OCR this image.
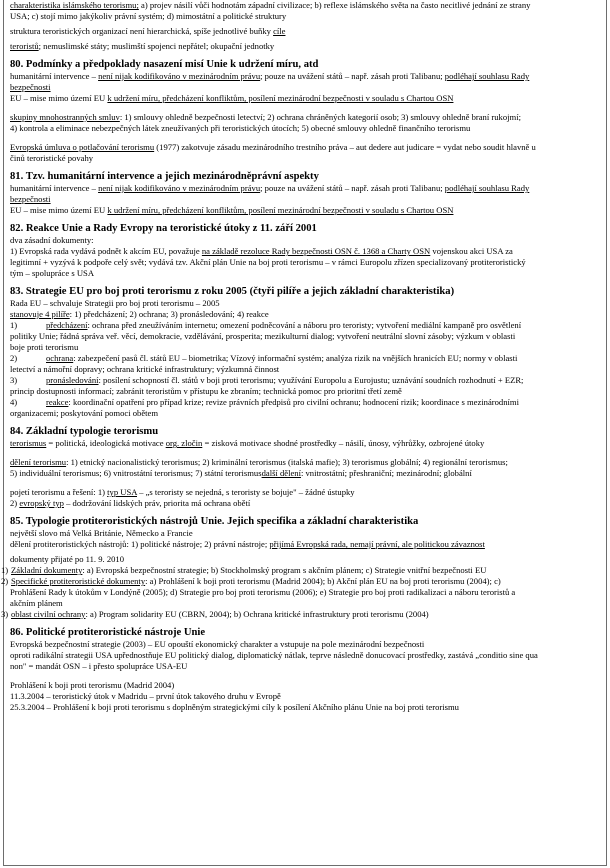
charakteristika islámského terorismu; a) projev násilí vůči hodnotám západní civilizace; b) reflexe islámského světa na často necitlivé jednání ze strany
USA; c) stojí mimo jakýkoliv právní systém; d) mimostátní a politické struktury
struktura teroristických organizací není hierarchická, spíše jednotlivé buňky cíle
teroristů; nemuslimské státy; muslimští spojenci nepřátel; okupační jednotky
80. Podmínky a předpoklady nasazení misí Unie k udržení míru, atd
humanitární intervence – není nijak kodifikováno v mezinárodním právu; pouze na uvážení států – např. zásah proti Talibanu; podléhají souhlasu Rady
bezpečnosti
EU – mise mimo území EU k udržení míru, předcházení konfliktům, posílení mezinárodní bezpečnosti v souladu s Chartou OSN
skupiny mnohostranných smluv: 1) smlouvy ohledně bezpečnosti letectví; 2) ochrana chráněných kategorií osob; 3) smlouvy ohledně braní rukojmí;
4) kontrola a eliminace nebezpečných látek zneužívaných při teroristických útocích; 5) obecné smlouvy ohledně finančního terorismu
Evropská úmluva o potlačování terorismu (1977) zakotvuje zásadu mezinárodního trestního práva – aut dedere aut judicare = vydat nebo soudit hlavně u
činů teroristické povahy
81. Tzv. humanitární intervence a jejich mezinárodněprávní aspekty
humanitární intervence – není nijak kodifikováno v mezinárodním právu; pouze na uvážení států – např. zásah proti Talibanu; podléhají souhlasu Rady
bezpečnosti
EU – mise mimo území EU k udržení míru, předcházení konfliktům, posílení mezinárodní bezpečnosti v souladu s Chartou OSN
82. Reakce Unie a Rady Evropy na teroristické útoky z 11. září 2001
dva zásadní dokumenty:
1) Evropská rada vydává podnět k akcím EU, považuje na základě rezoluce Rady bezpečnosti OSN č. 1368 a Charty OSN vojenskou akci USA za
legitimní + vyzývá k podpoře celý svět; vydává tzv. Akční plán Unie na boj proti terorismu – v rámci Europolu zřízen specializovaný protiteroristický
tým – spolupráce s USA
83. Strategie EU pro boj proti terorismu z roku 2005 (čtyři pilíře a jejich základní charakteristika)
Rada EU – schvaluje Strategii pro boj proti terorismu – 2005
stanovuje 4 pilíře: 1) předcházení; 2) ochrana; 3) pronásledování; 4) reakce
1)	předcházení: ochrana před zneužíváním internetu; omezení podněcování a náboru pro teroristy; vytvoření mediální kampaně pro osvětlení
politiky Unie; řádná správa veř. věcí, demokracie, vzdělávání, prosperita; mezikulturní dialog; vytvoření neutrální slovní zásoby; výzkum v oblasti
boje proti terorismu
2)	ochrana: zabezpečení pasů čl. států EU – biometrika; Vízový informační systém; analýza rizik na vnějších hranicích EU; normy v oblasti
letectví a námořní dopravy; ochrana kritické infrastruktury; výzkumná činnost
3)	pronásledování: posílení schopností čl. států v boji proti terorismu; využívání Europolu a Eurojustu; uznávání soudních rozhodnutí + EZR;
princip dostupnosti informací; zabránit teroristům v přístupu ke zbraním; technická pomoc pro prioritní třetí země
4)	reakce: koordinační opatření pro případ krize; revize právních předpisů pro civilní ochranu; hodnocení rizik; koordinace s mezinárodními
organizacemi; poskytování pomoci obětem
84. Základní typologie terorismu
terorismus = politická, ideologická motivace org. zločin = zisková motivace shodné prostředky – násilí, únosy, výhrůžky, ozbrojené útoky
dělení terorismu: 1) etnický nacionalistický terorismus; 2) kriminální terorismus (italská mafie); 3) terorismus globální; 4) regionální terorismus;
5) individuální terorismus; 6) vnitrostátní terorismus; 7) státní terorismusdalší dělení: vnitrostátní; přeshraniční; mezinárodní; globální
pojetí terorismu a řešení: 1) typ USA – „s teroristy se nejedná, s teroristy se bojuje" – žádné ústupky
2) evropský typ – dodržování lidských práv, priorita má ochrana obětí
85. Typologie protiteroristických nástrojů Unie. Jejich specifika a základní charakteristika
největší slovo má Velká Británie, Německo a Francie
dělení protiteroristických nástrojů: 1) politické nástroje; 2) právní nástroje; přijímá Evropská rada, nemají právní, ale politickou závaznost
dokumenty přijaté po 11. 9. 2010
1) Základní dokumenty: a) Evropská bezpečnostní strategie; b) Stockholmský program s akčním plánem; c) Strategie vnitřní bezpečnosti EU
2) Specifické protiteroristické dokumenty: a) Prohlášení k boji proti terorismu (Madrid 2004); b) Akční plán EU na boj proti terorismu (2004); c)
Prohlášení Rady k útokům v Londýně (2005); d) Strategie pro boj proti terorismu (2006); e) Strategie pro boj proti radikalizaci a náboru teroristů a
akčním plánem
3) oblast civilní ochrany: a) Program solidarity EU (CBRN, 2004); b) Ochrana kritické infrastruktury proti terorismu (2004)
86. Politické protiteroristické nástroje Unie
Evropská bezpečnostní strategie (2003) – EU opouští ekonomický charakter a vstupuje na pole mezinárodní bezpečnosti
oproti radikální strategii USA upřednostňuje EU politický dialog, diplomatický nátlak, teprve následně donucovací prostředky, zastává „conditio sine qua
non" = mandát OSN – i přesto spolupráce USA-EU
Prohlášení k boji proti terorismu (Madrid 2004)
11.3.2004 – teroristický útok v Madridu – první útok takového druhu v Evropě
25.3.2004 – Prohlášení k boji proti terorismu s doplněným strategickými cíly k posílení Akčního plánu Unie na boj proti terorismu
